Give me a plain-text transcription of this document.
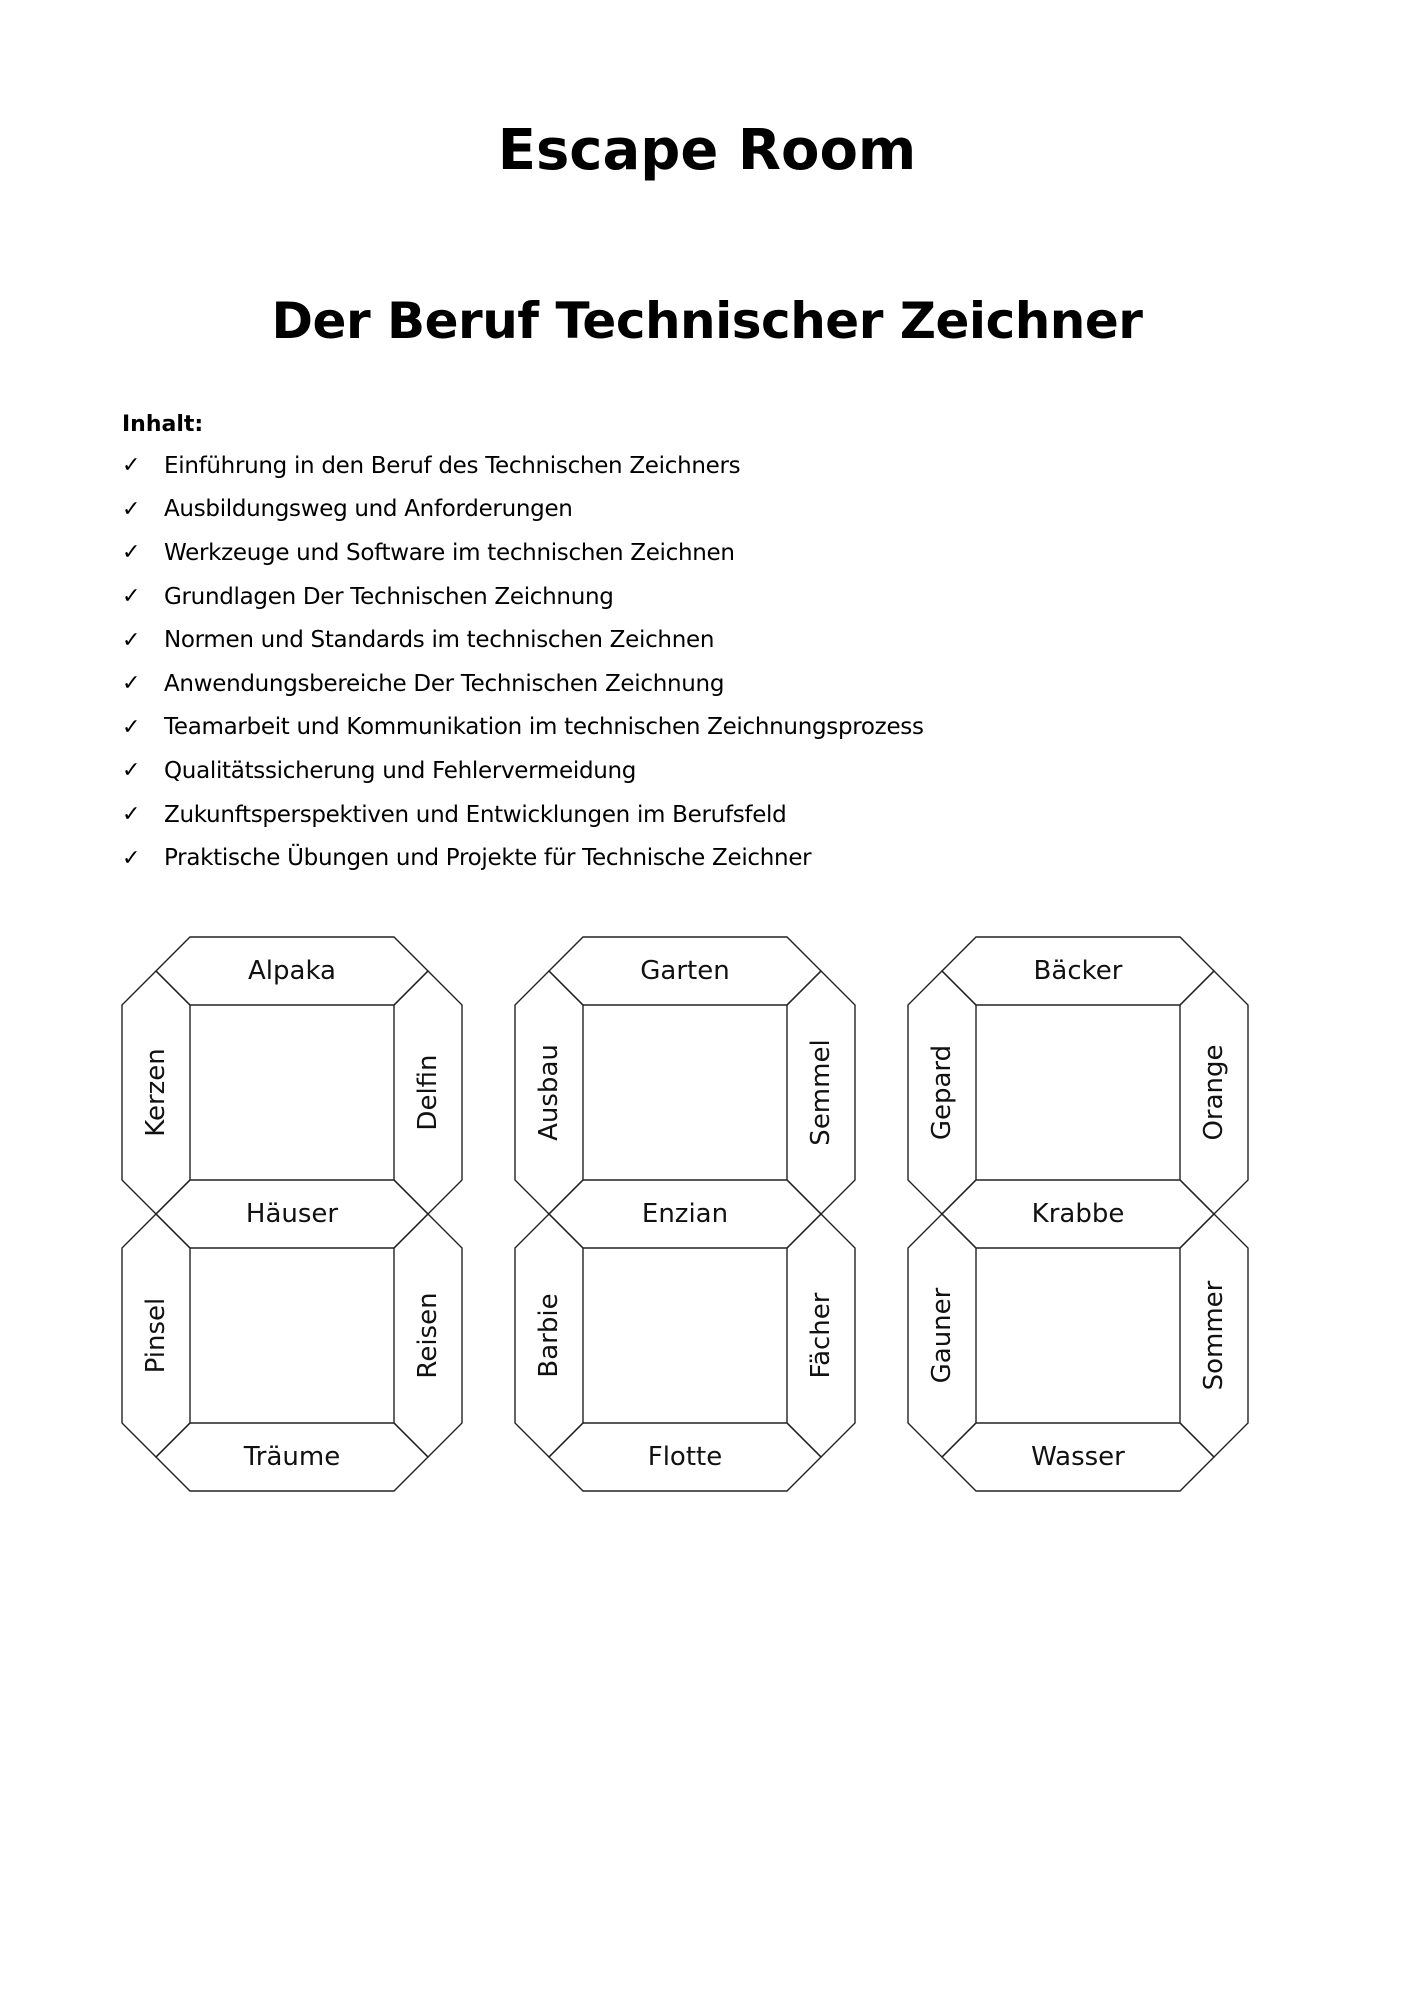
Escape Room
Der Beruf Technischer Zeichner

Inhalt:

✓	Einführung in den Beruf des Technischen Zeichners
✓	Ausbildungsweg und Anforderungen
✓	Werkzeuge und Software im technischen Zeichnen
✓	Grundlagen Der Technischen Zeichnung
✓	Normen und Standards im technischen Zeichnen
✓	Anwendungsbereiche Der Technischen Zeichnung
✓	Teamarbeit und Kommunikation im technischen Zeichnungsprozess
✓	Qualitätssicherung und Fehlervermeidung
✓	Zukunftsperspektiven und Entwicklungen im Berufsfeld
✓	Praktische Übungen und Projekte für Technische Zeichner
Alpaka
Kerzen	Delfin
Häuser
Pinsel	Reisen
Träume
Garten
Ausbau	Semmel
Enzian
Barbie	Fächer
Flotte
Bäcker
Gepard	Orange
Krabbe
Gauner	Sommer
Wasser
